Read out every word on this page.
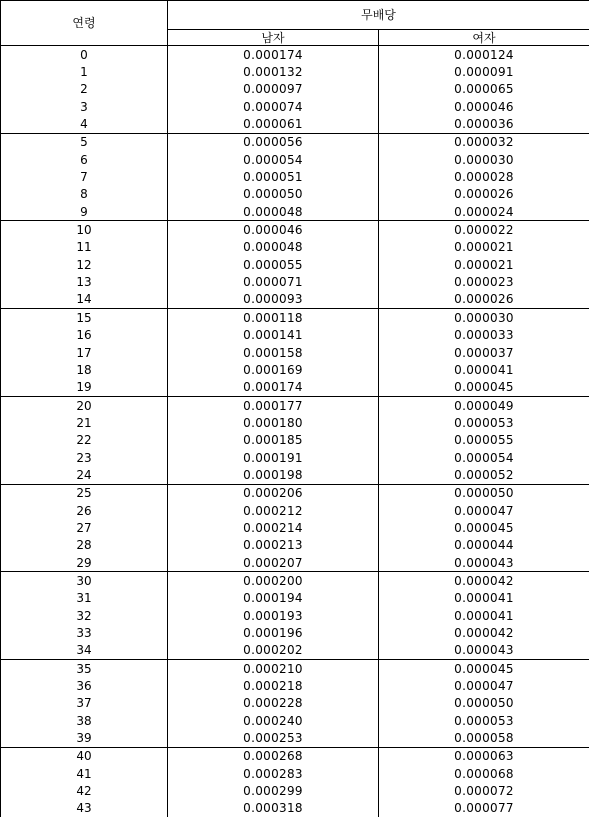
연령	무배당	
	남자	여자
0	0.000174	0.000124
1	0.000132	0.000091
2	0.000097	0.000065
3	0.000074	0.000046
4	0.000061	0.000036
5	0.000056	0.000032
6	0.000054	0.000030
7	0.000051	0.000028
8	0.000050	0.000026
9	0.000048	0.000024
10	0.000046	0.000022
11	0.000048	0.000021
12	0.000055	0.000021
13	0.000071	0.000023
14	0.000093	0.000026
15	0.000118	0.000030
16	0.000141	0.000033
17	0.000158	0.000037
18	0.000169	0.000041
19	0.000174	0.000045
20	0.000177	0.000049
21	0.000180	0.000053
22	0.000185	0.000055
23	0.000191	0.000054
24	0.000198	0.000052
25	0.000206	0.000050
26	0.000212	0.000047
27	0.000214	0.000045
28	0.000213	0.000044
29	0.000207	0.000043
30	0.000200	0.000042
31	0.000194	0.000041
32	0.000193	0.000041
33	0.000196	0.000042
34	0.000202	0.000043
35	0.000210	0.000045
36	0.000218	0.000047
37	0.000228	0.000050
38	0.000240	0.000053
39	0.000253	0.000058
40	0.000268	0.000063
41	0.000283	0.000068
42	0.000299	0.000072
43	0.000318	0.000077
